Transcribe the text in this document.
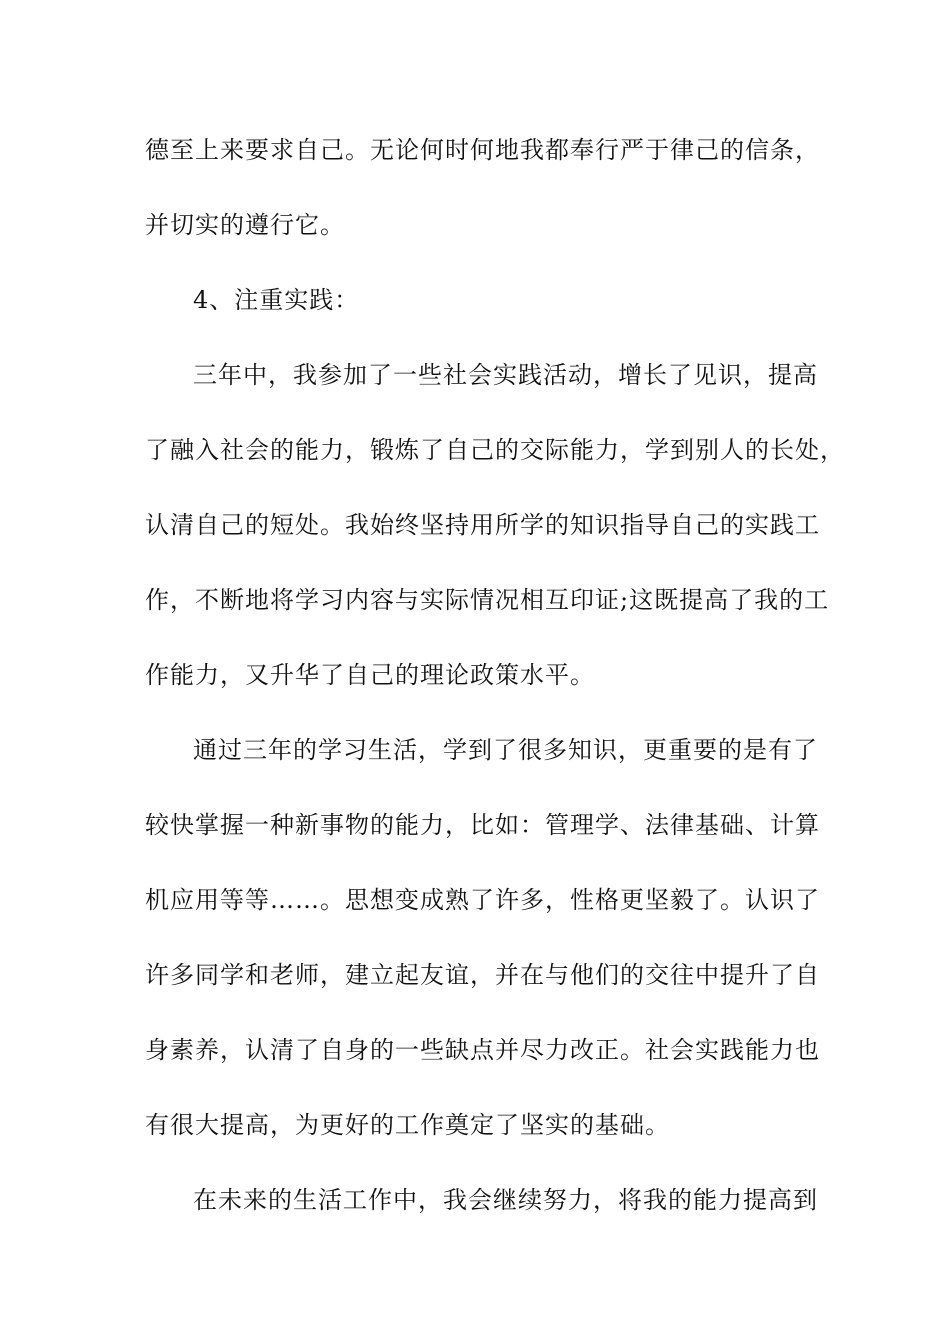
德至上来要求自己。无论何时何地我都奉行严于律己的信条，
并切实的遵行它。
4、注重实践：
三年中，我参加了一些社会实践活动，增长了见识，提高
了融入社会的能力，锻炼了自己的交际能力，学到别人的长处，
认清自己的短处。我始终坚持用所学的知识指导自己的实践工
作，不断地将学习内容与实际情况相互印证;这既提高了我的工
作能力，又升华了自己的理论政策水平。
通过三年的学习生活，学到了很多知识，更重要的是有了
较快掌握一种新事物的能力，比如：管理学、法律基础、计算
机应用等等……。思想变成熟了许多，性格更坚毅了。认识了
许多同学和老师，建立起友谊，并在与他们的交往中提升了自
身素养，认清了自身的一些缺点并尽力改正。社会实践能力也
有很大提高，为更好的工作奠定了坚实的基础。
在未来的生活工作中，我会继续努力，将我的能力提高到
